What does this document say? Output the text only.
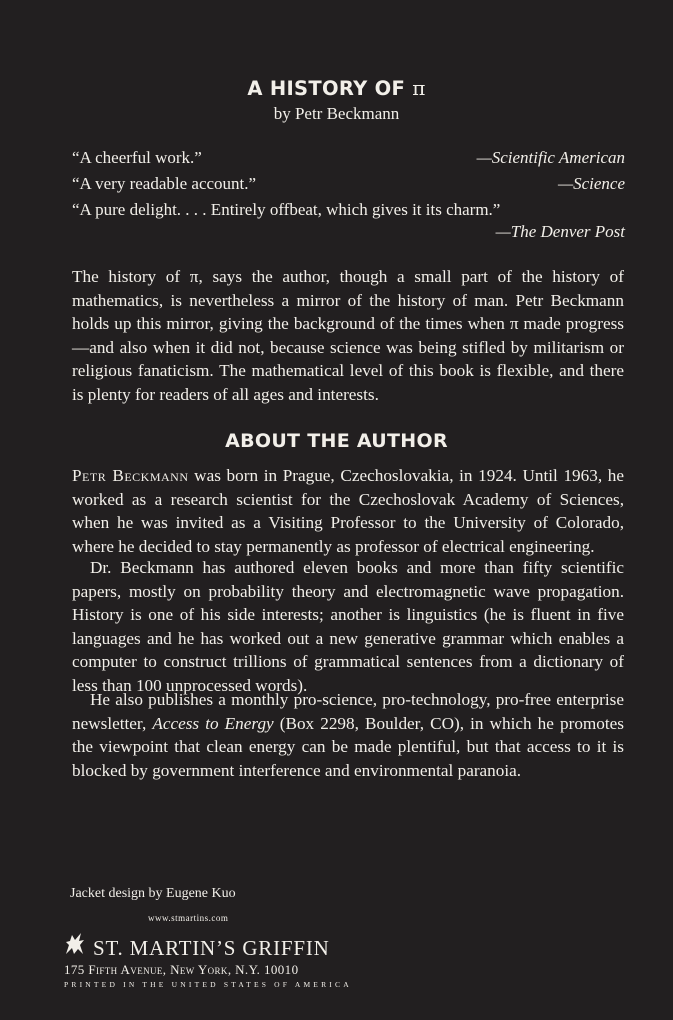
A HISTORY OF π
by Petr Beckmann
“A cheerful work.”	—Scientific American
“A very readable account.”	—Science
“A pure delight. . . . Entirely offbeat, which gives it its charm.”
—The Denver Post
The history of π, says the author, though a small part of the history of mathematics, is nevertheless a mirror of the history of man. Petr Beckmann holds up this mirror, giving the background of the times when π made progress—and also when it did not, because science was being stifled by militarism or religious fanaticism. The mathematical level of this book is flexible, and there is plenty for readers of all ages and interests.
ABOUT THE AUTHOR
Petr Beckmann was born in Prague, Czechoslovakia, in 1924. Until 1963, he worked as a research scientist for the Czechoslovak Academy of Sciences, when he was invited as a Visiting Professor to the University of Colorado, where he decided to stay permanently as professor of electrical engineering.
Dr. Beckmann has authored eleven books and more than fifty scientific papers, mostly on probability theory and electromagnetic wave propagation. History is one of his side interests; another is linguistics (he is fluent in five languages and he has worked out a new generative grammar which enables a computer to construct trillions of grammatical sentences from a dictionary of less than 100 unprocessed words).
He also publishes a monthly pro-science, pro-technology, pro-free enterprise newsletter, Access to Energy (Box 2298, Boulder, CO), in which he promotes the viewpoint that clean energy can be made plentiful, but that access to it is blocked by government interference and environmental paranoia.
Jacket design by Eugene Kuo
www.stmartins.com
ST. MARTIN’S GRIFFIN
175 Fifth Avenue, New York, N.Y. 10010
PRINTED IN THE UNITED STATES OF AMERICA
